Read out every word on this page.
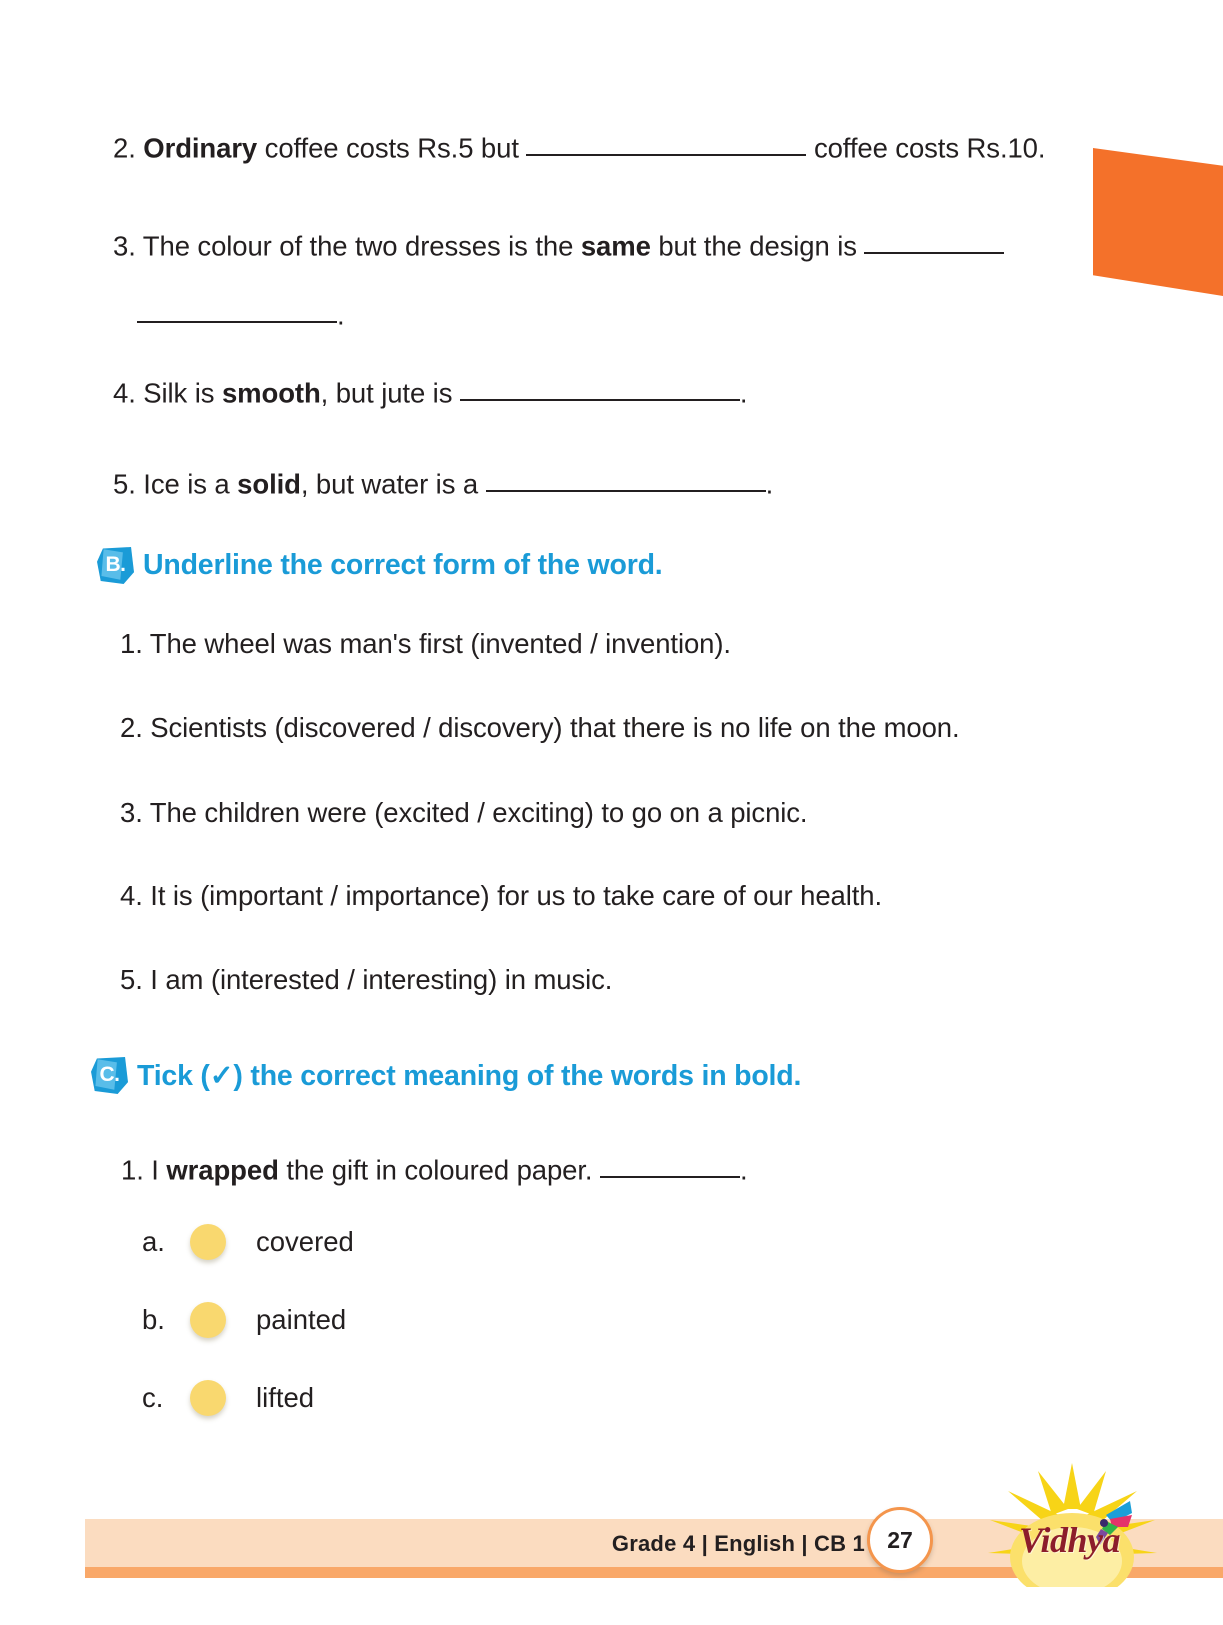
2. Ordinary coffee costs Rs.5 but	coffee costs Rs.10.
3. The colour of the two dresses is the same but the design is
.
4. Silk is smooth, but jute is	.
5. Ice is a solid, but water is a	.
B. Underline the correct form of the word.
1. The wheel was man's first (invented / invention).
2. Scientists (discovered / discovery) that there is no life on the moon.
3. The children were (excited / exciting) to go on a picnic.
4. It is (important / importance) for us to take care of our health.
5. I am (interested / interesting) in music.
C. Tick (✓) the correct meaning of the words in bold.
1. I wrapped the gift in coloured paper.	.
a.	covered
b.	painted
c.	lifted
Grade 4 | English | CB 1 27	Vidhya
